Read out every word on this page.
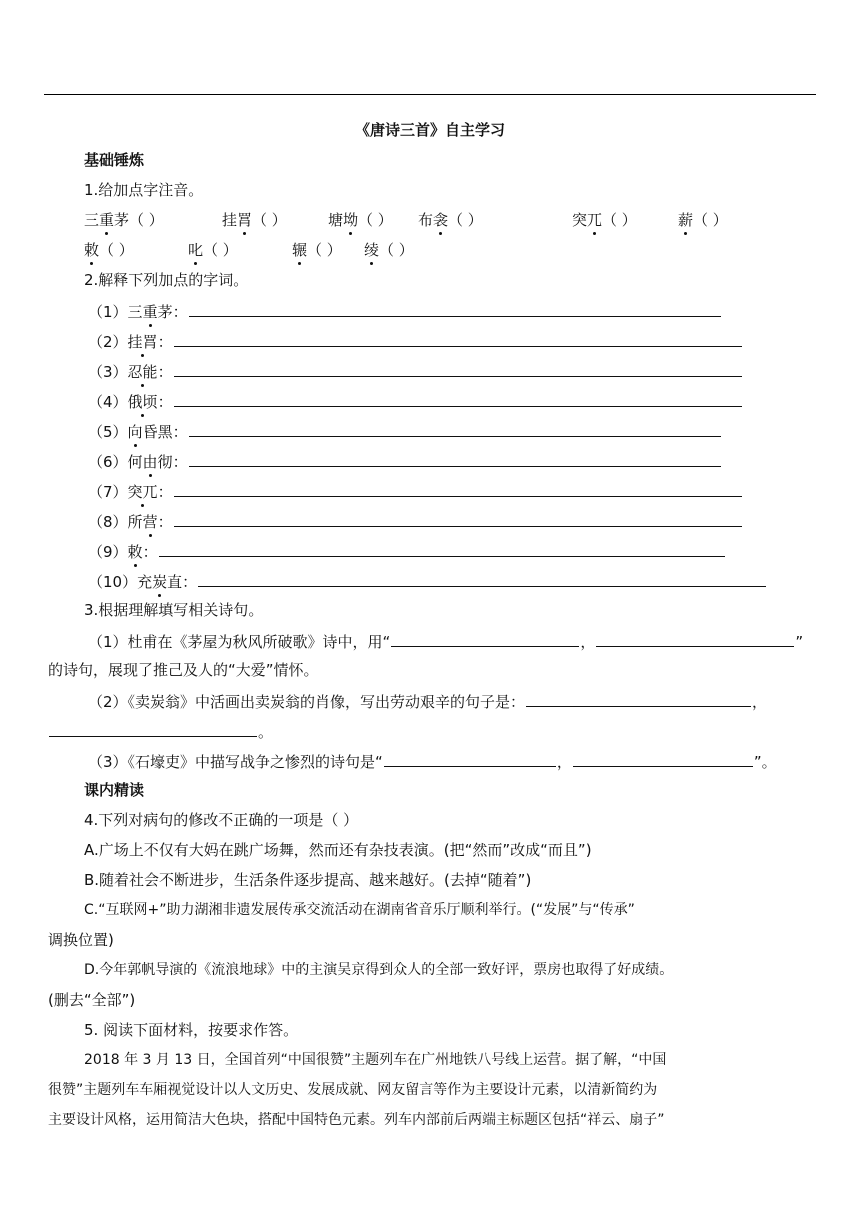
《唐诗三首》自主学习
基础锤炼
1.给加点字注音。
三重茅（ ）	挂罥（ ）	塘坳（ ） 布衾（ ）	突兀（ ）	薪（ ）
敕（ ）	叱（ ）	辗（ ） 绫（ ）
2.解释下列加点的字词。
（1）三重茅：
（2）挂罥：
（3）忍能：
（4）俄顷：
（5）向昏黑：
（6）何由彻：
（7）突兀：
（8）所营：
（9）敕：
（10）充炭直：
3.根据理解填写相关诗句。
（1）杜甫在《茅屋为秋风所破歌》诗中，用“	，	”
的诗句，展现了推己及人的“大爱”情怀。
（2）《卖炭翁》中活画出卖炭翁的肖像，写出劳动艰辛的句子是：	，
。
（3）《石壕吏》中描写战争之惨烈的诗句是“	，	”。
课内精读
4.下列对病句的修改不正确的一项是（ ）
A.广场上不仅有大妈在跳广场舞，然而还有杂技表演。(把“然而”改成“而且”)
B.随着社会不断进步，生活条件逐步提高、越来越好。(去掉“随着”)
C.“互联网+”助力湖湘非遗发展传承交流活动在湖南省音乐厅顺利举行。(“发展”与“传承”
调换位置)
D.今年郭帆导演的《流浪地球》中的主演吴京得到众人的全部一致好评，票房也取得了好成绩。
(删去“全部”)
5. 阅读下面材料，按要求作答。
2018 年 3 月 13 日，全国首列“中国很赞”主题列车在广州地铁八号线上运营。据了解，“中国
很赞”主题列车车厢视觉设计以人文历史、发展成就、网友留言等作为主要设计元素，以清新简约为
主要设计风格，运用简洁大色块，搭配中国特色元素。列车内部前后两端主标题区包括“祥云、扇子”
